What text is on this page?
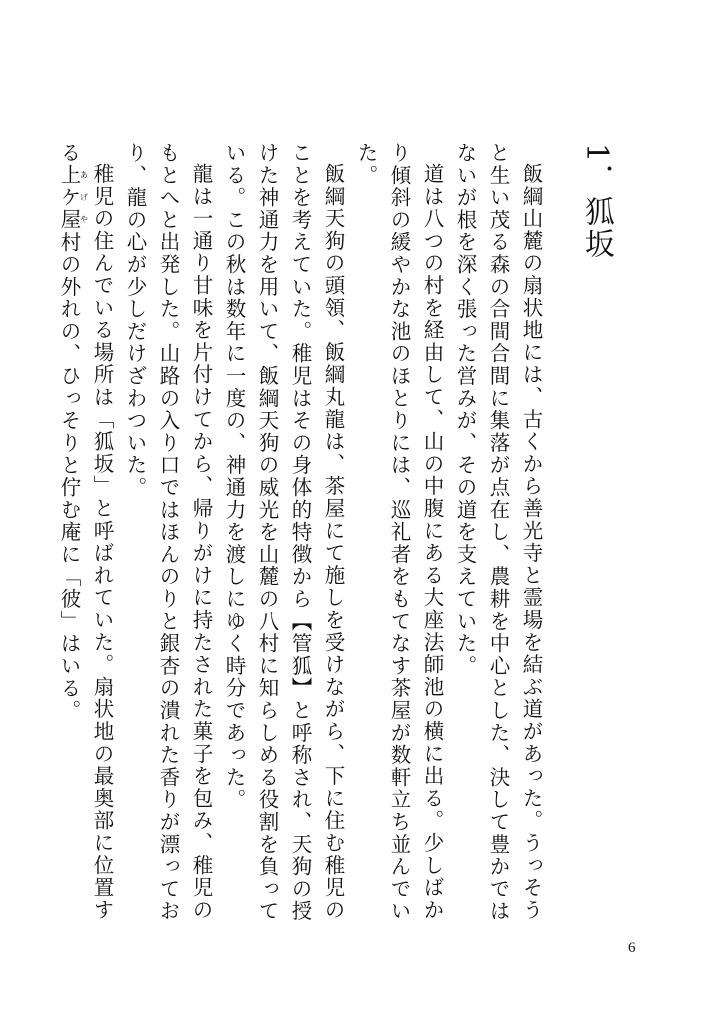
1．狐坂

飯綱山麓の扇状地には、古くから善光寺と霊場を結ぶ道があった。うっそうと生い茂る森の合間合間に集落が点在し、農耕を中心とした、決して豊かではないが根を深く張った営みが、その道を支えていた。

道は八つの村を経由して、山の中腹にある大座法師池の横に出る。少しばかり傾斜の緩やかな池のほとりには、巡礼者をもてなす茶屋が数軒立ち並んでいた。

飯綱天狗の頭領、飯綱丸龍は、茶屋にて施しを受けながら、下に住む稚児のことを考えていた。稚児はその身体的特徴から【管狐】と呼称され、天狗の授けた神通力を用いて、飯綱天狗の威光を山麓の八村に知らしめる役割を負っている。この秋は数年に一度の、神通力を渡しにゆく時分であった。

龍は一通り甘味を片付けてから、帰りがけに持たされた菓子を包み、稚児のもとへと出発した。山路の入り口ではほんのりと銀杏の潰れた香りが漂っており、龍の心が少しだけざわついた。

稚児の住んでいる場所は「狐坂」と呼ばれていた。扇状地の最奥部に位置する上ケ屋あげや村の外れの、ひっそりと佇む庵に「彼」はいる。

6
